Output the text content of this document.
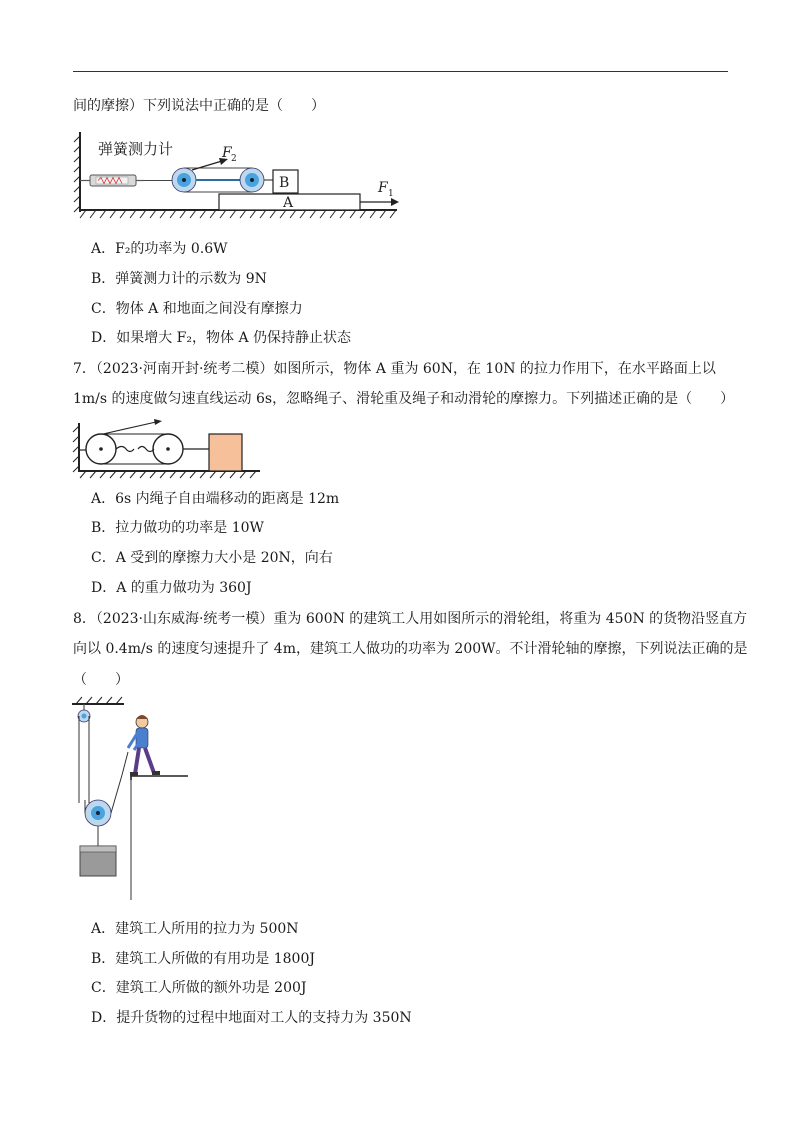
间的摩擦）下列说法中正确的是（　　）
弹簧测力计	F 2
B
A
F 1
A．F₂的功率为 0.6W
B．弹簧测力计的示数为 9N
C．物体 A 和地面之间没有摩擦力
D．如果增大 F₂，物体 A 仍保持静止状态
7．（2023·河南开封·统考二模）如图所示，物体 A 重为 60N，在 10N 的拉力作用下，在水平路面上以
1m/s 的速度做匀速直线运动 6s，忽略绳子、滑轮重及绳子和动滑轮的摩擦力。下列描述正确的是（　　）
A．6s 内绳子自由端移动的距离是 12m
B．拉力做功的功率是 10W
C．A 受到的摩擦力大小是 20N，向右
D．A 的重力做功为 360J
8．（2023·山东威海·统考一模）重为 600N 的建筑工人用如图所示的滑轮组，将重为 450N 的货物沿竖直方
向以 0.4m/s 的速度匀速提升了 4m，建筑工人做功的功率为 200W。不计滑轮轴的摩擦，下列说法正确的是
（　　）
A．建筑工人所用的拉力为 500N
B．建筑工人所做的有用功是 1800J
C．建筑工人所做的额外功是 200J
D．提升货物的过程中地面对工人的支持力为 350N
